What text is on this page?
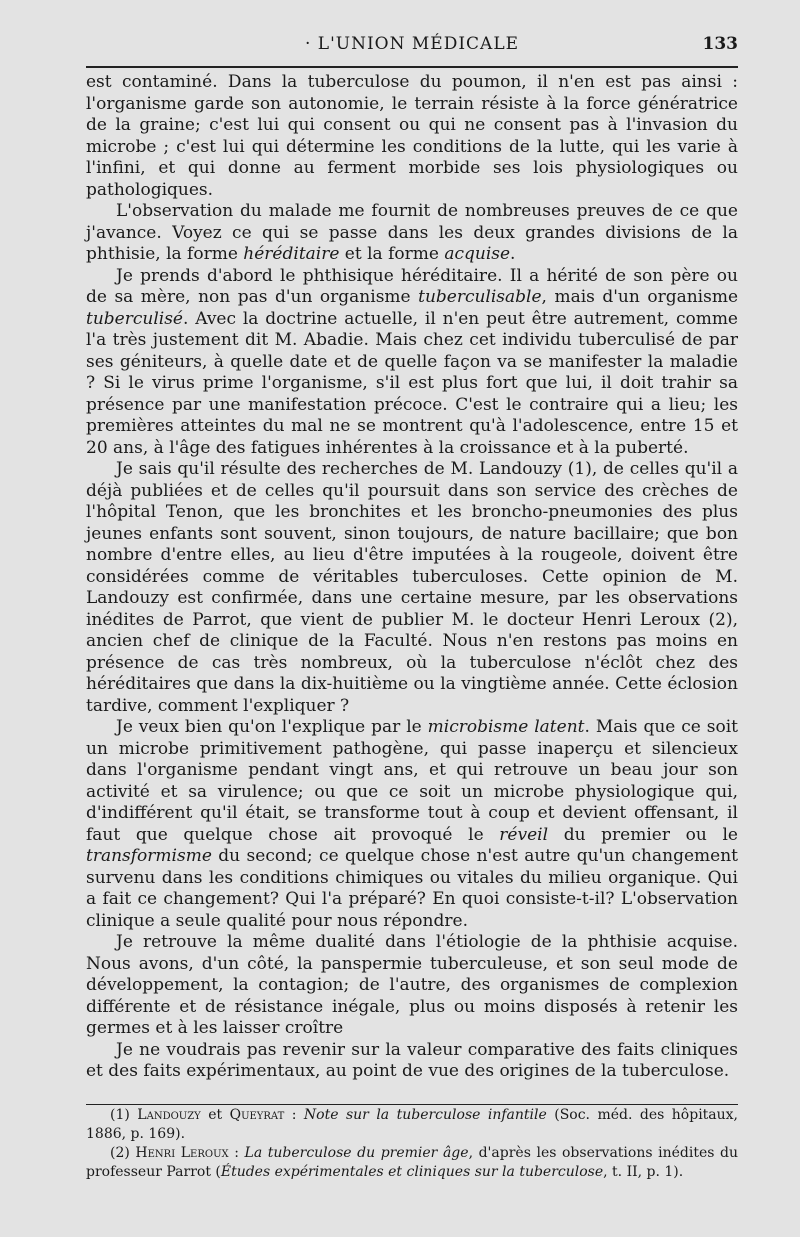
· L'UNION MÉDICALE	133

est contaminé. Dans la tuberculose du poumon, il n'en est pas ainsi : l'organisme garde son autonomie, le terrain résiste à la force génératrice de la graine; c'est lui qui consent ou qui ne consent pas à l'invasion du microbe ; c'est lui qui détermine les conditions de la lutte, qui les varie à l'infini, et qui donne au ferment morbide ses lois physiologiques ou pathologiques.

L'observation du malade me fournit de nombreuses preuves de ce que j'avance. Voyez ce qui se passe dans les deux grandes divisions de la phthisie, la forme héréditaire et la forme acquise.

Je prends d'abord le phthisique héréditaire. Il a hérité de son père ou de sa mère, non pas d'un organisme tuberculisable, mais d'un organisme tuberculisé. Avec la doctrine actuelle, il n'en peut être autrement, comme l'a très justement dit M. Abadie. Mais chez cet individu tuberculisé de par ses géniteurs, à quelle date et de quelle façon va se manifester la maladie ? Si le virus prime l'organisme, s'il est plus fort que lui, il doit trahir sa présence par une manifestation précoce. C'est le contraire qui a lieu; les premières atteintes du mal ne se montrent qu'à l'adolescence, entre 15 et 20 ans, à l'âge des fatigues inhérentes à la croissance et à la puberté.

Je sais qu'il résulte des recherches de M. Landouzy (1), de celles qu'il a déjà publiées et de celles qu'il poursuit dans son service des crèches de l'hôpital Tenon, que les bronchites et les broncho-pneumonies des plus jeunes enfants sont souvent, sinon toujours, de nature bacillaire; que bon nombre d'entre elles, au lieu d'être imputées à la rougeole, doivent être considérées comme de véritables tuberculoses. Cette opinion de M. Landouzy est confirmée, dans une certaine mesure, par les observations inédites de Parrot, que vient de publier M. le docteur Henri Leroux (2), ancien chef de clinique de la Faculté. Nous n'en restons pas moins en présence de cas très nombreux, où la tuberculose n'éclôt chez des héréditaires que dans la dix-huitième ou la vingtième année. Cette éclosion tardive, comment l'expliquer ?

Je veux bien qu'on l'explique par le microbisme latent. Mais que ce soit un microbe primitivement pathogène, qui passe inaperçu et silencieux dans l'organisme pendant vingt ans, et qui retrouve un beau jour son activité et sa virulence; ou que ce soit un microbe physiologique qui, d'indifférent qu'il était, se transforme tout à coup et devient offensant, il faut que quelque chose ait provoqué le réveil du premier ou le transformisme du second; ce quelque chose n'est autre qu'un changement survenu dans les conditions chimiques ou vitales du milieu organique. Qui a fait ce changement? Qui l'a préparé? En quoi consiste-t-il? L'observation clinique a seule qualité pour nous répondre.

Je retrouve la même dualité dans l'étiologie de la phthisie acquise. Nous avons, d'un côté, la panspermie tuberculeuse, et son seul mode de développement, la contagion; de l'autre, des organismes de complexion différente et de résistance inégale, plus ou moins disposés à retenir les germes et à les laisser croître

Je ne voudrais pas revenir sur la valeur comparative des faits cliniques et des faits expérimentaux, au point de vue des origines de la tuberculose.

(1) Landouzy et Queyrat : Note sur la tuberculose infantile (Soc. méd. des hôpitaux, 1886, p. 169).

(2) Henri Leroux : La tuberculose du premier âge, d'après les observations inédites du professeur Parrot (Études expérimentales et cliniques sur la tuberculose, t. II, p. 1).
